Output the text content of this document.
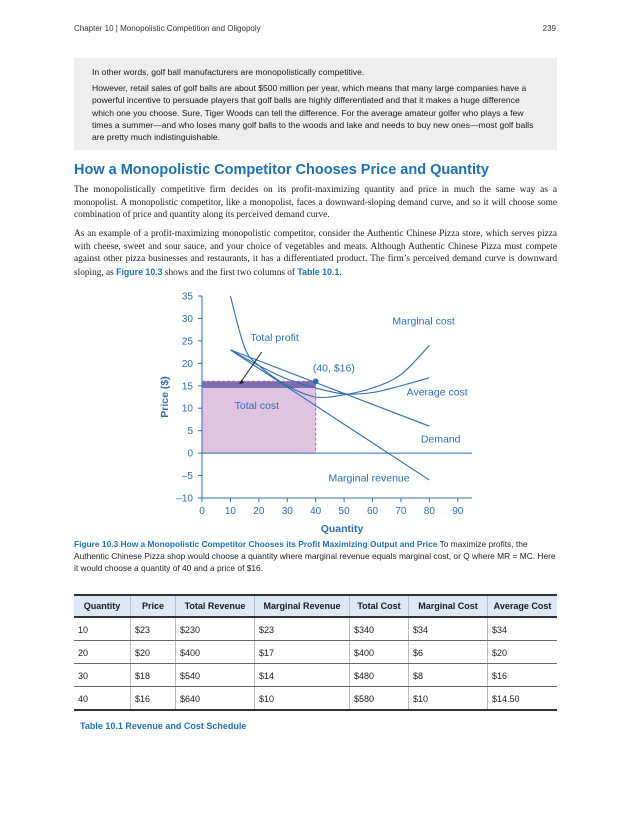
Chapter 10 | Monopolistic Competition and Oligopoly	239

In other words, golf ball manufacturers are monopolistically competitive.

However, retail sales of golf balls are about $500 million per year, which means that many large companies have a powerful incentive to persuade players that golf balls are highly differentiated and that it makes a huge difference which one you choose. Sure, Tiger Woods can tell the difference. For the average amateur golfer who plays a few times a summer—and who loses many golf balls to the woods and lake and needs to buy new ones—most golf balls are pretty much indistinguishable.

How a Monopolistic Competitor Chooses Price and Quantity

The monopolistically competitive firm decides on its profit-maximizing quantity and price in much the same way as a monopolist. A monopolistic competitor, like a monopolist, faces a downward-sloping demand curve, and so it will choose some combination of price and quantity along its perceived demand curve.

As an example of a profit-maximizing monopolistic competitor, consider the Authentic Chinese Pizza store, which serves pizza with cheese, sweet and sour sauce, and your choice of vegetables and meats. Although Authentic Chinese Pizza must compete against other pizza businesses and restaurants, it has a differentiated product. The firm’s perceived demand curve is downward sloping, as Figure 10.3 shows and the first two columns of Table 10.1.

35
30
25
20
15
10
5
0
–5
–10
0 10 20 30 40 50 60 70 80 90
Quantity
Price ($)
Marginal cost
Average cost
Demand
Marginal revenue
Total profit
Total cost
(40, $16)
Figure 10.3 How a Monopolistic Competitor Chooses its Profit Maximizing Output and Price To maximize profits, the Authentic Chinese Pizza shop would choose a quantity where marginal revenue equals marginal cost, or Q where MR = MC. Here it would choose a quantity of 40 and a price of $16.
Quantity	Price	Total Revenue	Marginal Revenue	Total Cost	Marginal Cost	Average Cost
10	$23	$230	$23	$340	$34	$34
20	$20	$400	$17	$400	$6	$20
30	$18	$540	$14	$480	$8	$16
40	$16	$640	$10	$580	$10	$14.50
Table 10.1 Revenue and Cost Schedule
